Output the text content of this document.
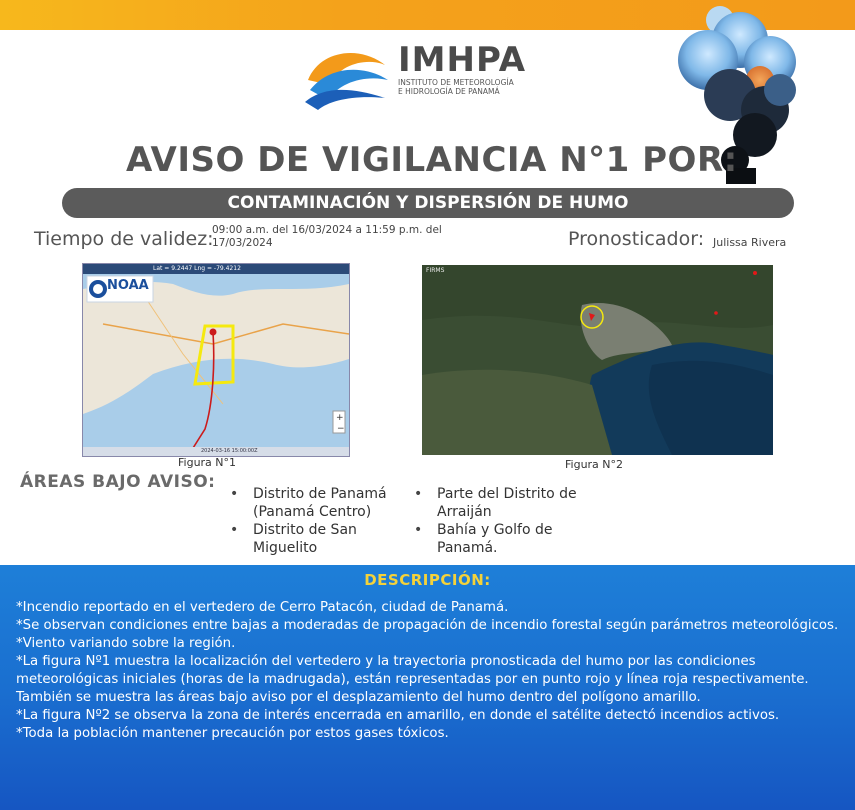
IMHPA
INSTITUTO DE METEOROLOGÍA
E HIDROLOGÍA DE PANAMÁ
AVISO DE VIGILANCIA N°1 POR:
CONTAMINACIÓN Y DISPERSIÓN DE HUMO
Tiempo de validez:
09:00 a.m. del 16/03/2024 a 11:59 p.m. del 17/03/2024	Pronosticador: Julissa Rivera
+
−
NOAA
Lat = 9.2447 Lng = -79.4212
2024-03-16 15:00:00Z
Figura N°1
FIRMS
Figura N°2
ÁREAS BAJO AVISO:
• Distrito de Panamá (Panamá Centro)
• Distrito de San Miguelito
• Parte del Distrito de Arraiján
• Bahía y Golfo de Panamá.
DESCRIPCIÓN:

*Incendio reportado en el vertedero de Cerro Patacón, ciudad de Panamá.

*Se observan condiciones entre bajas a moderadas de propagación de incendio forestal según parámetros meteorológicos.

*Viento variando sobre la región.

*La figura Nº1 muestra la localización del vertedero y la trayectoria pronosticada del humo por las condiciones meteorológicas iniciales (horas de la madrugada), están representadas por en punto rojo y línea roja respectivamente. También se muestra las áreas bajo aviso por el desplazamiento del humo dentro del polígono amarillo.

*La figura Nº2 se observa la zona de interés encerrada en amarillo, en donde el satélite detectó incendios activos.

*Toda la población mantener precaución por estos gases tóxicos.
